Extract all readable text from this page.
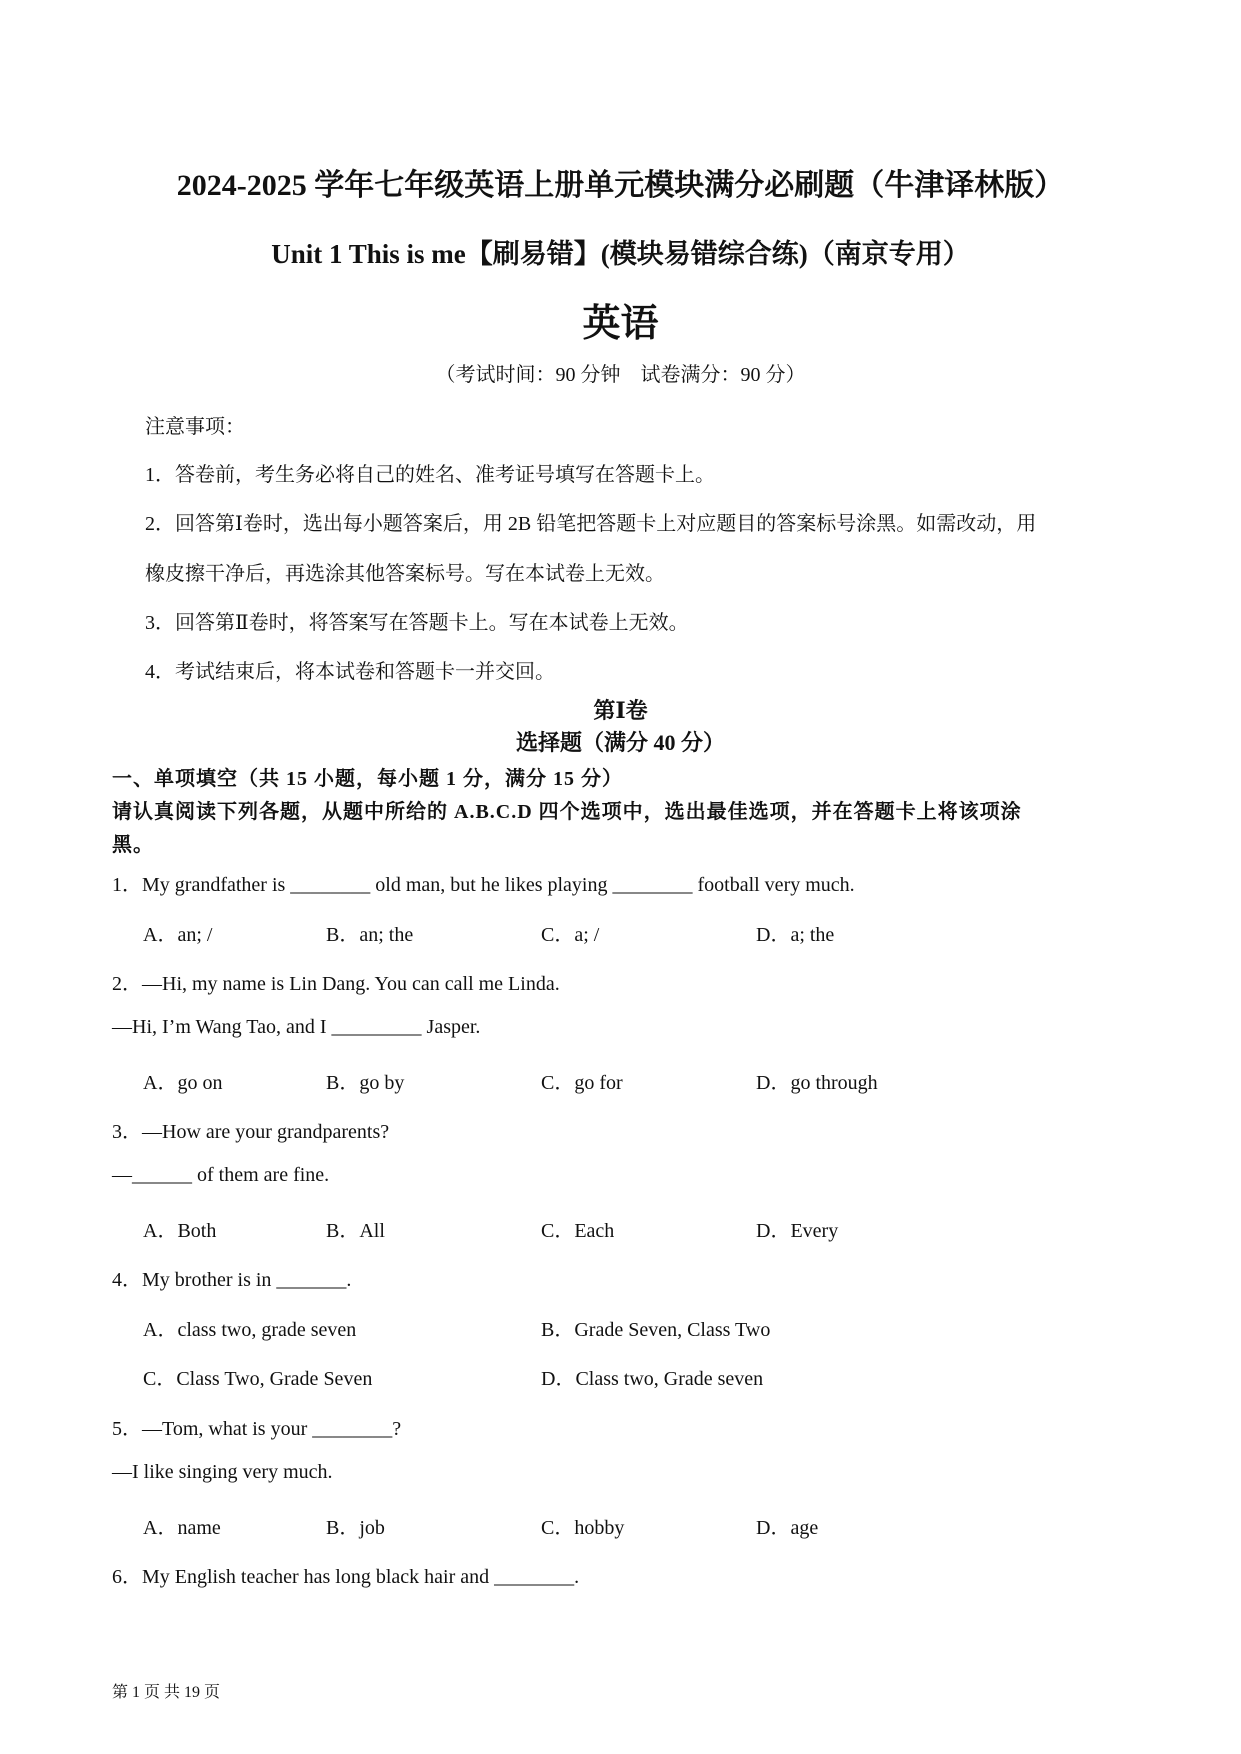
2024-2025 学年七年级英语上册单元模块满分必刷题（牛津译林版）
Unit 1 This is me【刷易错】(模块易错综合练)（南京专用）
英语
（考试时间：90 分钟　试卷满分：90 分）
注意事项：
1．答卷前，考生务必将自己的姓名、准考证号填写在答题卡上。
2．回答第Ⅰ卷时，选出每小题答案后，用 2B 铅笔把答题卡上对应题目的答案标号涂黑。如需改动，用
橡皮擦干净后，再选涂其他答案标号。写在本试卷上无效。
3．回答第Ⅱ卷时，将答案写在答题卡上。写在本试卷上无效。
4．考试结束后，将本试卷和答题卡一并交回。
第Ⅰ卷
选择题（满分 40 分）
一、单项填空（共 15 小题，每小题 1 分，满分 15 分）
请认真阅读下列各题，从题中所给的 A.B.C.D 四个选项中，选出最佳选项，并在答题卡上将该项涂
黑。
1．My grandfather is ________ old man, but he likes playing ________ football very much.
A．an; /	B．an; the	C．a; /	D．a; the
2．—Hi, my name is Lin Dang. You can call me Linda.
—Hi, I’m Wang Tao, and I _________ Jasper.
A．go on	B．go by	C．go for	D．go through
3．—How are your grandparents?
—______ of them are fine.
A．Both	B．All	C．Each	D．Every
4．My brother is in _______.
A．class two, grade seven	B．Grade Seven, Class Two
C．Class Two, Grade Seven	D．Class two, Grade seven
5．—Tom, what is your ________?
—I like singing very much.
A．name	B．job	C．hobby	D．age
6．My English teacher has long black hair and ________.
第 1 页 共 19 页
